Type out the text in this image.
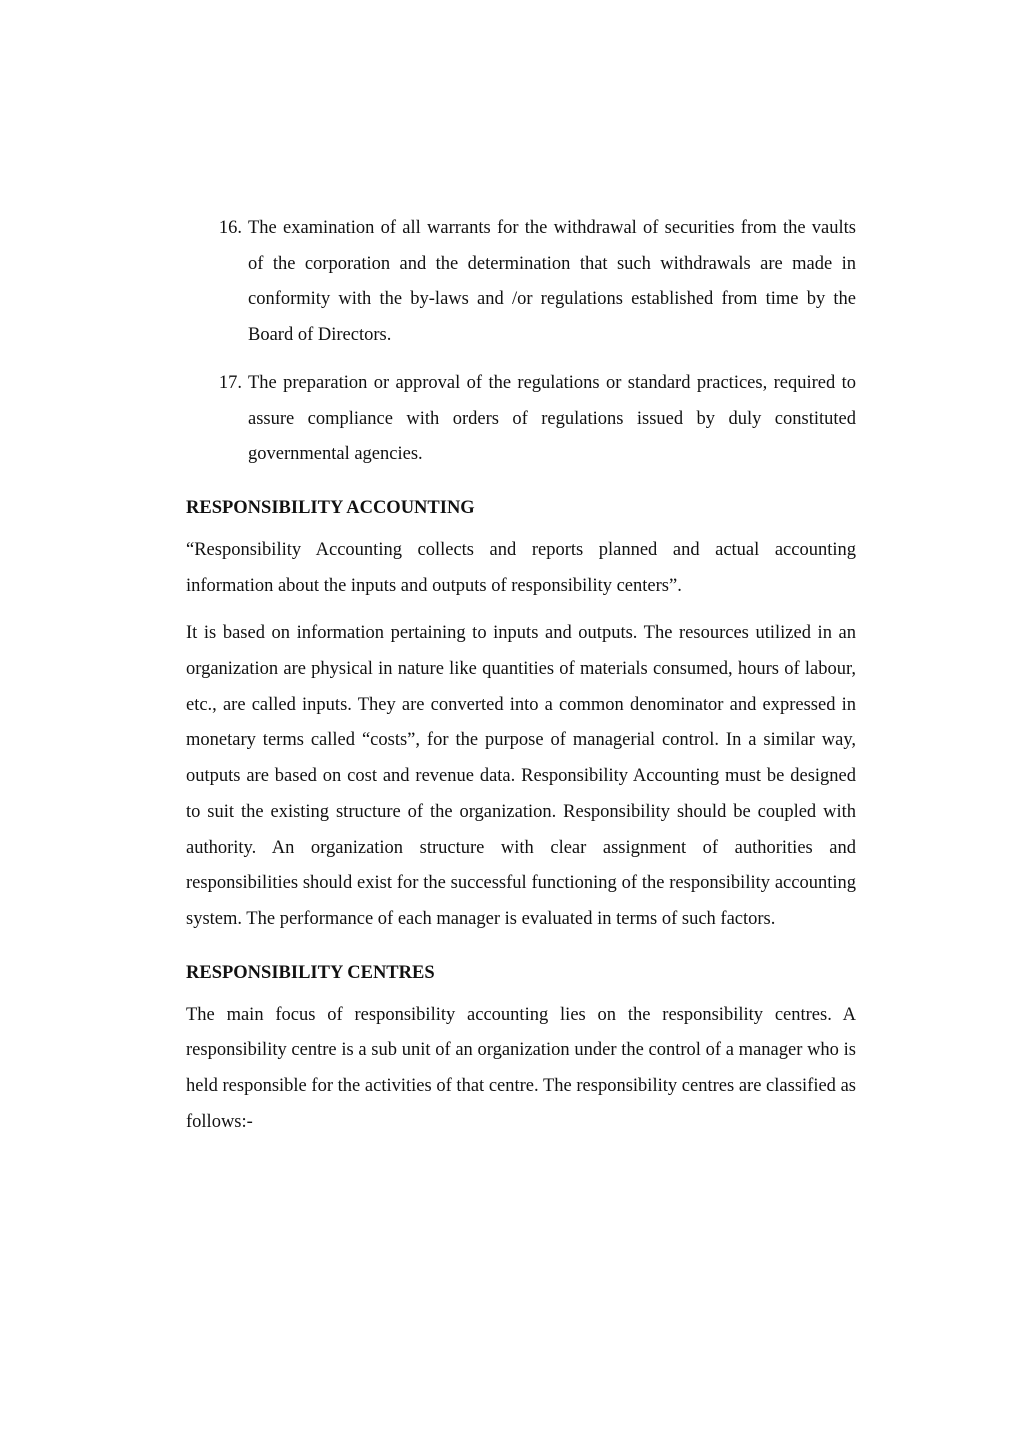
16. The examination of all warrants for the withdrawal of securities from the vaults of the corporation and the determination that such withdrawals are made in conformity with the by-laws and /or regulations established from time by the Board of Directors.
17. The preparation or approval of the regulations or standard practices, required to assure compliance with orders of regulations issued by duly constituted governmental agencies.
RESPONSIBILITY ACCOUNTING

“Responsibility Accounting collects and reports planned and actual accounting information about the inputs and outputs of responsibility centers”.

It is based on information pertaining to inputs and outputs. The resources utilized in an organization are physical in nature like quantities of materials consumed, hours of labour, etc., are called inputs. They are converted into a common denominator and expressed in monetary terms called “costs”, for the purpose of managerial control. In a similar way, outputs are based on cost and revenue data. Responsibility Accounting must be designed to suit the existing structure of the organization. Responsibility should be coupled with authority. An organization structure with clear assignment of authorities and responsibilities should exist for the successful functioning of the responsibility accounting system. The performance of each manager is evaluated in terms of such factors.

RESPONSIBILITY CENTRES

The main focus of responsibility accounting lies on the responsibility centres. A responsibility centre is a sub unit of an organization under the control of a manager who is held responsible for the activities of that centre. The responsibility centres are classified as follows:-
